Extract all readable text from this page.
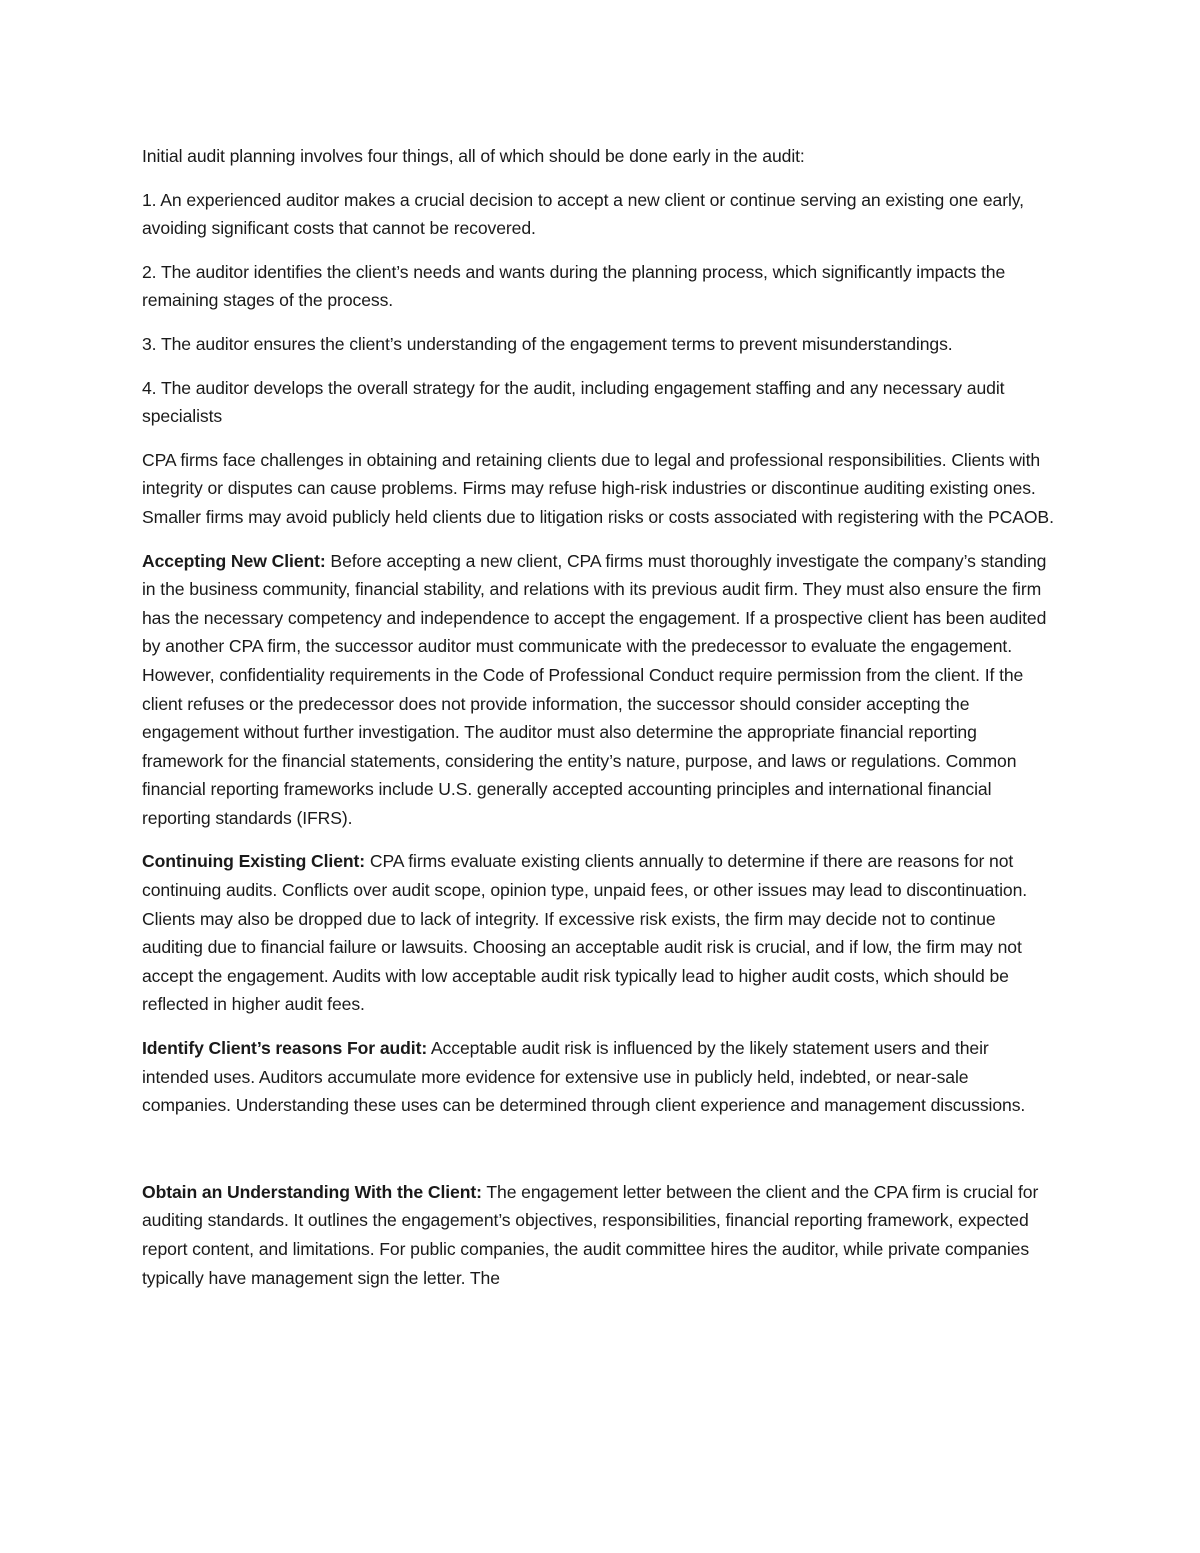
Initial audit planning involves four things, all of which should be done early in the audit:

1. An experienced auditor makes a crucial decision to accept a new client or continue serving an existing one early, avoiding significant costs that cannot be recovered.

2. The auditor identifies the client’s needs and wants during the planning process, which significantly impacts the remaining stages of the process.

3. The auditor ensures the client’s understanding of the engagement terms to prevent misunderstandings.

4. The auditor develops the overall strategy for the audit, including engagement staffing and any necessary audit specialists

CPA firms face challenges in obtaining and retaining clients due to legal and professional responsibilities. Clients with integrity or disputes can cause problems. Firms may refuse high-risk industries or discontinue auditing existing ones. Smaller firms may avoid publicly held clients due to litigation risks or costs associated with registering with the PCAOB.

Accepting New Client: Before accepting a new client, CPA firms must thoroughly investigate the company’s standing in the business community, financial stability, and relations with its previous audit firm. They must also ensure the firm has the necessary competency and independence to accept the engagement. If a prospective client has been audited by another CPA firm, the successor auditor must communicate with the predecessor to evaluate the engagement. However, confidentiality requirements in the Code of Professional Conduct require permission from the client. If the client refuses or the predecessor does not provide information, the successor should consider accepting the engagement without further investigation. The auditor must also determine the appropriate financial reporting framework for the financial statements, considering the entity’s nature, purpose, and laws or regulations. Common financial reporting frameworks include U.S. generally accepted accounting principles and international financial reporting standards (IFRS).

Continuing Existing Client: CPA firms evaluate existing clients annually to determine if there are reasons for not continuing audits. Conflicts over audit scope, opinion type, unpaid fees, or other issues may lead to discontinuation. Clients may also be dropped due to lack of integrity. If excessive risk exists, the firm may decide not to continue auditing due to financial failure or lawsuits. Choosing an acceptable audit risk is crucial, and if low, the firm may not accept the engagement. Audits with low acceptable audit risk typically lead to higher audit costs, which should be reflected in higher audit fees.

Identify Client’s reasons For audit: Acceptable audit risk is influenced by the likely statement users and their intended uses. Auditors accumulate more evidence for extensive use in publicly held, indebted, or near-sale companies. Understanding these uses can be determined through client experience and management discussions.

Obtain an Understanding With the Client: The engagement letter between the client and the CPA firm is crucial for auditing standards. It outlines the engagement’s objectives, responsibilities, financial reporting framework, expected report content, and limitations. For public companies, the audit committee hires the auditor, while private companies typically have management sign the letter. The
